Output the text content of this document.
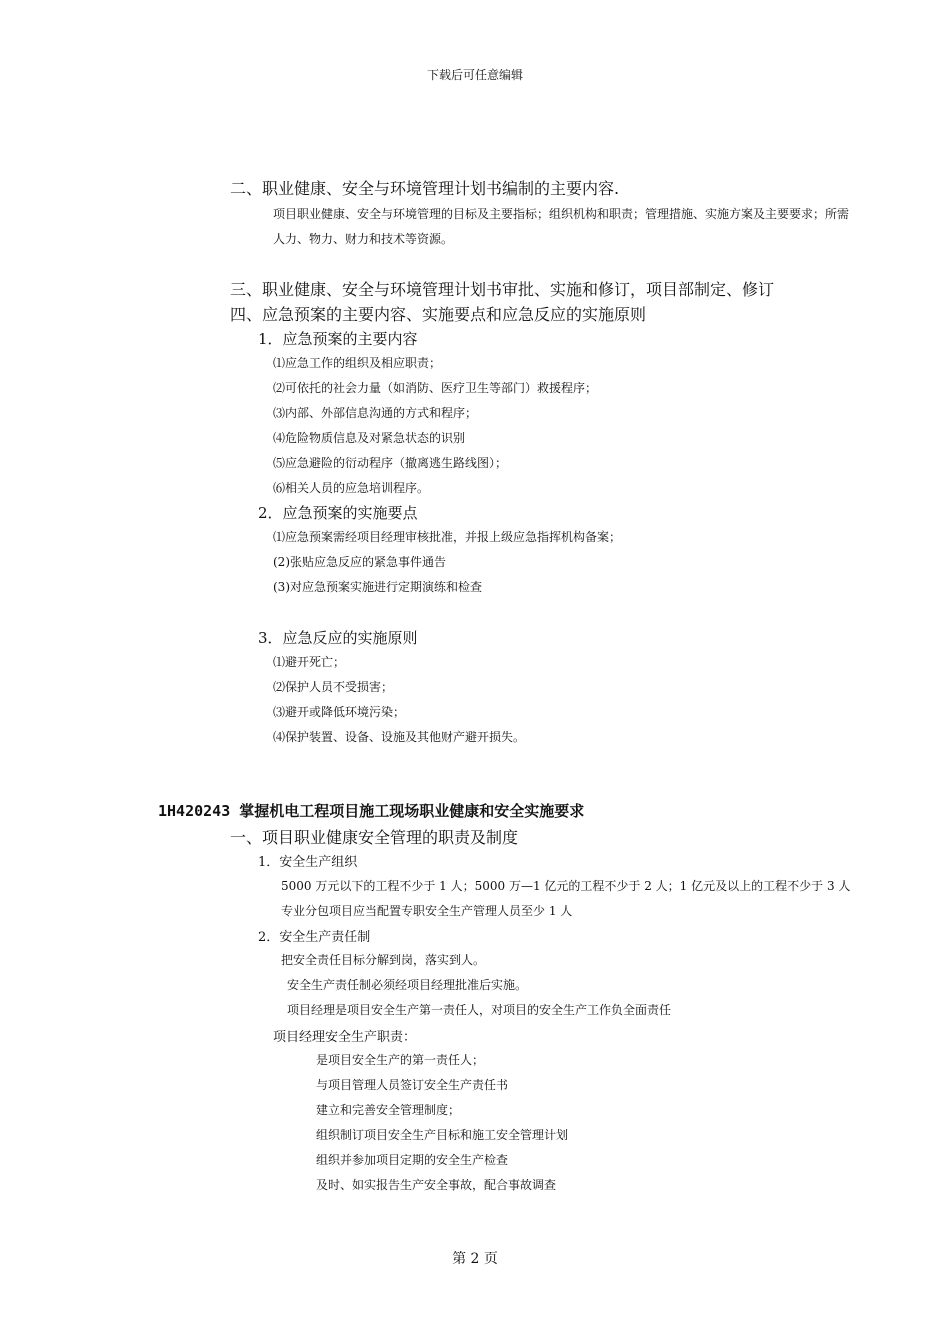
下载后可任意编辑
二、职业健康、安全与环境管理计划书编制的主要内容.
项目职业健康、安全与环境管理的目标及主要指标；组织机构和职责；管理措施、实施方案及主要要求；所需
人力、物力、财力和技术等资源。
三、职业健康、安全与环境管理计划书审批、实施和修订，项目部制定、修订
四、应急预案的主要内容、实施要点和应急反应的实施原则
1．应急预案的主要内容
⑴应急工作的组织及相应职责；
⑵可依托的社会力量（如消防、医疗卫生等部门）救援程序；
⑶内部、外部信息沟通的方式和程序；
⑷危险物质信息及对紧急状态的识别
⑸应急避险的衍动程序（撤离逃生路线图）；
⑹相关人员的应急培训程序。
2．应急预案的实施要点
⑴应急预案需经项目经理审核批准，并报上级应急指挥机构备案；
(2)张贴应急反应的紧急事件通告
(3)对应急预案实施进行定期演练和检查
3．应急反应的实施原则
⑴避开死亡；
⑵保护人员不受损害；
⑶避开或降低环境污染；
⑷保护装置、设备、设施及其他财产避开损失。
1H420243 掌握机电工程项目施工现场职业健康和安全实施要求
一、项目职业健康安全管理的职责及制度
1．安全生产组织
5000 万元以下的工程不少于 1 人；5000 万—1 亿元的工程不少于 2 人；1 亿元及以上的工程不少于 3 人
专业分包项目应当配置专职安全生产管理人员至少 1 人
2．安全生产责任制
把安全责任目标分解到岗，落实到人。
安全生产责任制必须经项目经理批准后实施。
项目经理是项目安全生产第一责任人，对项目的安全生产工作负全面责任
项目经理安全生产职责：
是项目安全生产的第一责任人；
与项目管理人员签订安全生产责任书
建立和完善安全管理制度；
组织制订项目安全生产目标和施工安全管理计划
组织并参加项目定期的安全生产检查
及时、如实报告生产安全事故，配合事故调查
第 2 页
